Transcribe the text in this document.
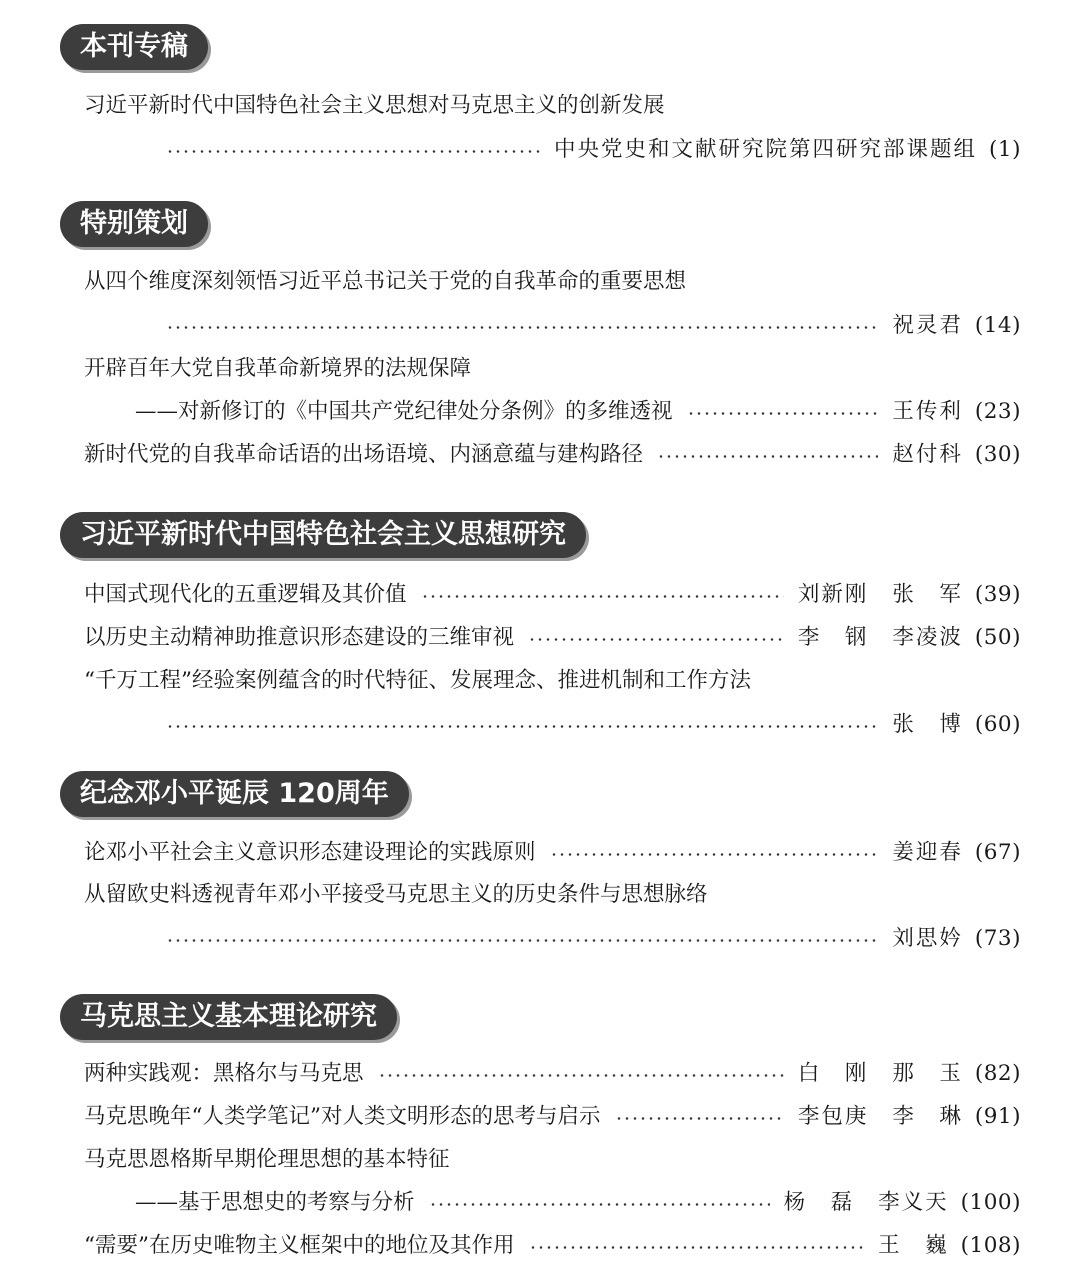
本刊专稿
习近平新时代中国特色社会主义思想对马克思主义的创新发展
中央党史和文献研究院第四研究部课题组 (1)
特别策划
从四个维度深刻领悟习近平总书记关于党的自我革命的重要思想
祝灵君 (14)
开辟百年大党自我革命新境界的法规保障
——对新修订的《中国共产党纪律处分条例》的多维透视	王传利 (23)
新时代党的自我革命话语的出场语境、内涵意蕴与建构路径	赵付科 (30)
习近平新时代中国特色社会主义思想研究
中国式现代化的五重逻辑及其价值	刘新刚 张　军 (39)
以历史主动精神助推意识形态建设的三维审视	李　钢 李凌波 (50)
“千万工程”经验案例蕴含的时代特征、发展理念、推进机制和工作方法
张　博 (60)
纪念邓小平诞辰 120周年
论邓小平社会主义意识形态建设理论的实践原则	姜迎春 (67)
从留欧史料透视青年邓小平接受马克思主义的历史条件与思想脉络
刘思妗 (73)
马克思主义基本理论研究
两种实践观：黑格尔与马克思	白　刚 那　玉 (82)
马克思晚年“人类学笔记”对人类文明形态的思考与启示	李包庚 李　琳 (91)
马克思恩格斯早期伦理思想的基本特征
——基于思想史的考察与分析	杨　磊 李义天 (100)
“需要”在历史唯物主义框架中的地位及其作用	王　巍 (108)
